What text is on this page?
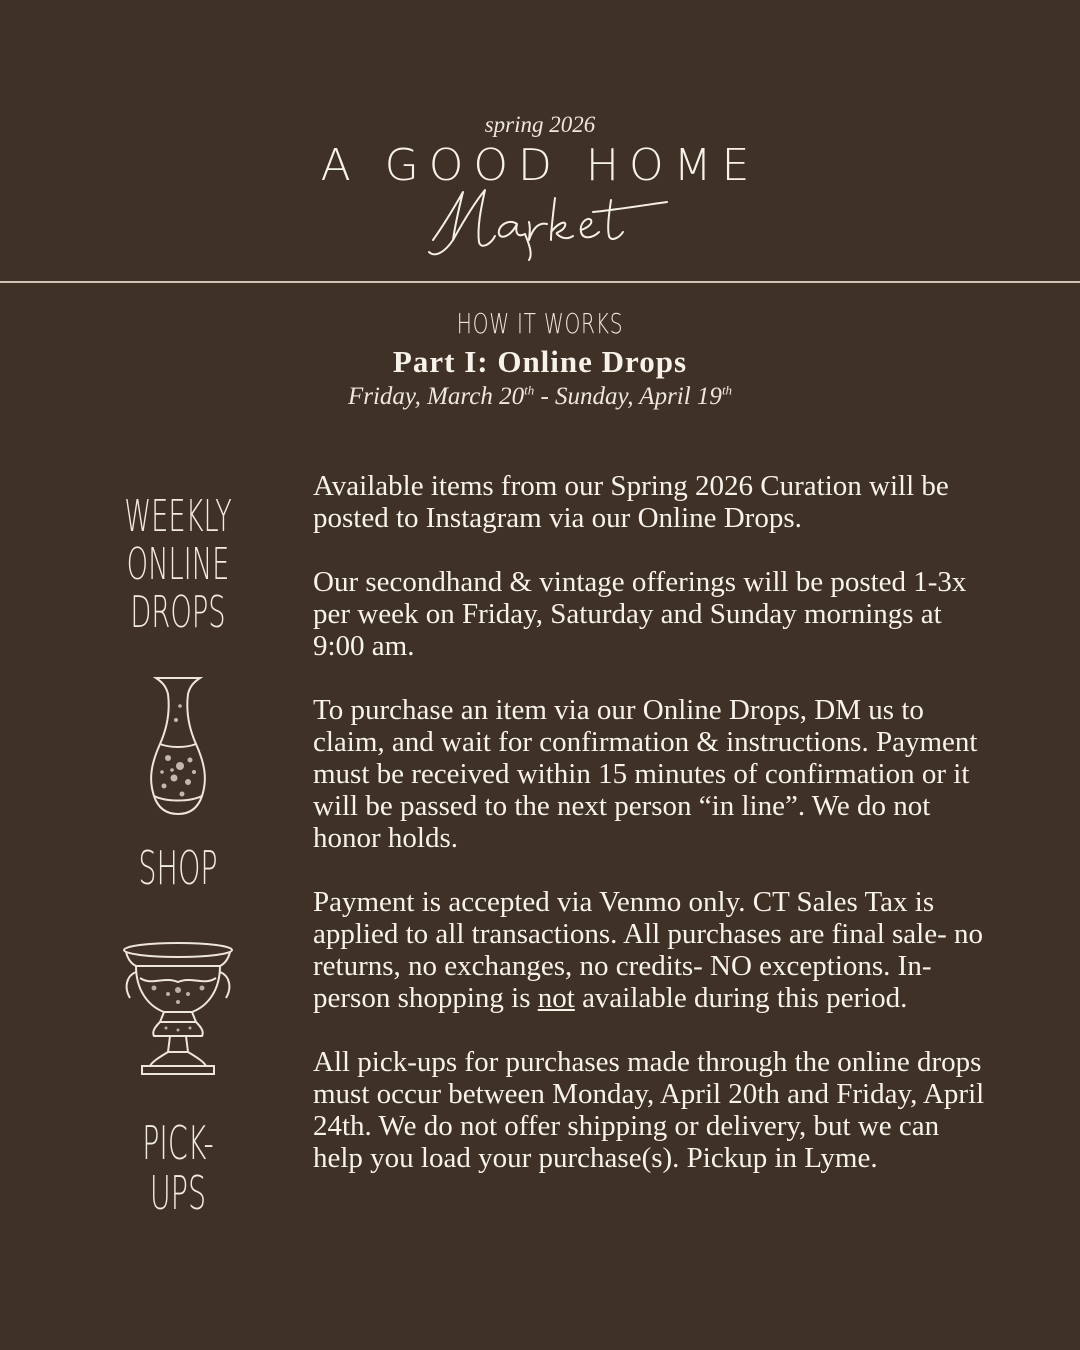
spring 2026
A GOOD HOME
HOW IT WORKS
Part I: Online Drops
Friday, March 20th - Sunday, April 19th
WEEKLY
ONLINE
DROPS
SHOP
PICK-UPS

Available items from our Spring 2026 Curation will be posted to Instagram via our Online Drops.

Our secondhand & vintage offerings will be posted 1-3x per week on Friday, Saturday and Sunday mornings at 9:00 am.

To purchase an item via our Online Drops, DM us to claim, and wait for confirmation & instructions. Payment must be received within 15 minutes of confirmation or it will be passed to the next person “in line”. We do not honor holds.

Payment is accepted via Venmo only. CT Sales Tax is applied to all transactions. All purchases are final sale- no returns, no exchanges, no credits- NO exceptions. In-person shopping is not available during this period.

All pick-ups for purchases made through the online drops must occur between Monday, April 20th and Friday, April 24th. We do not offer shipping or delivery, but we can help you load your purchase(s). Pickup in Lyme.
